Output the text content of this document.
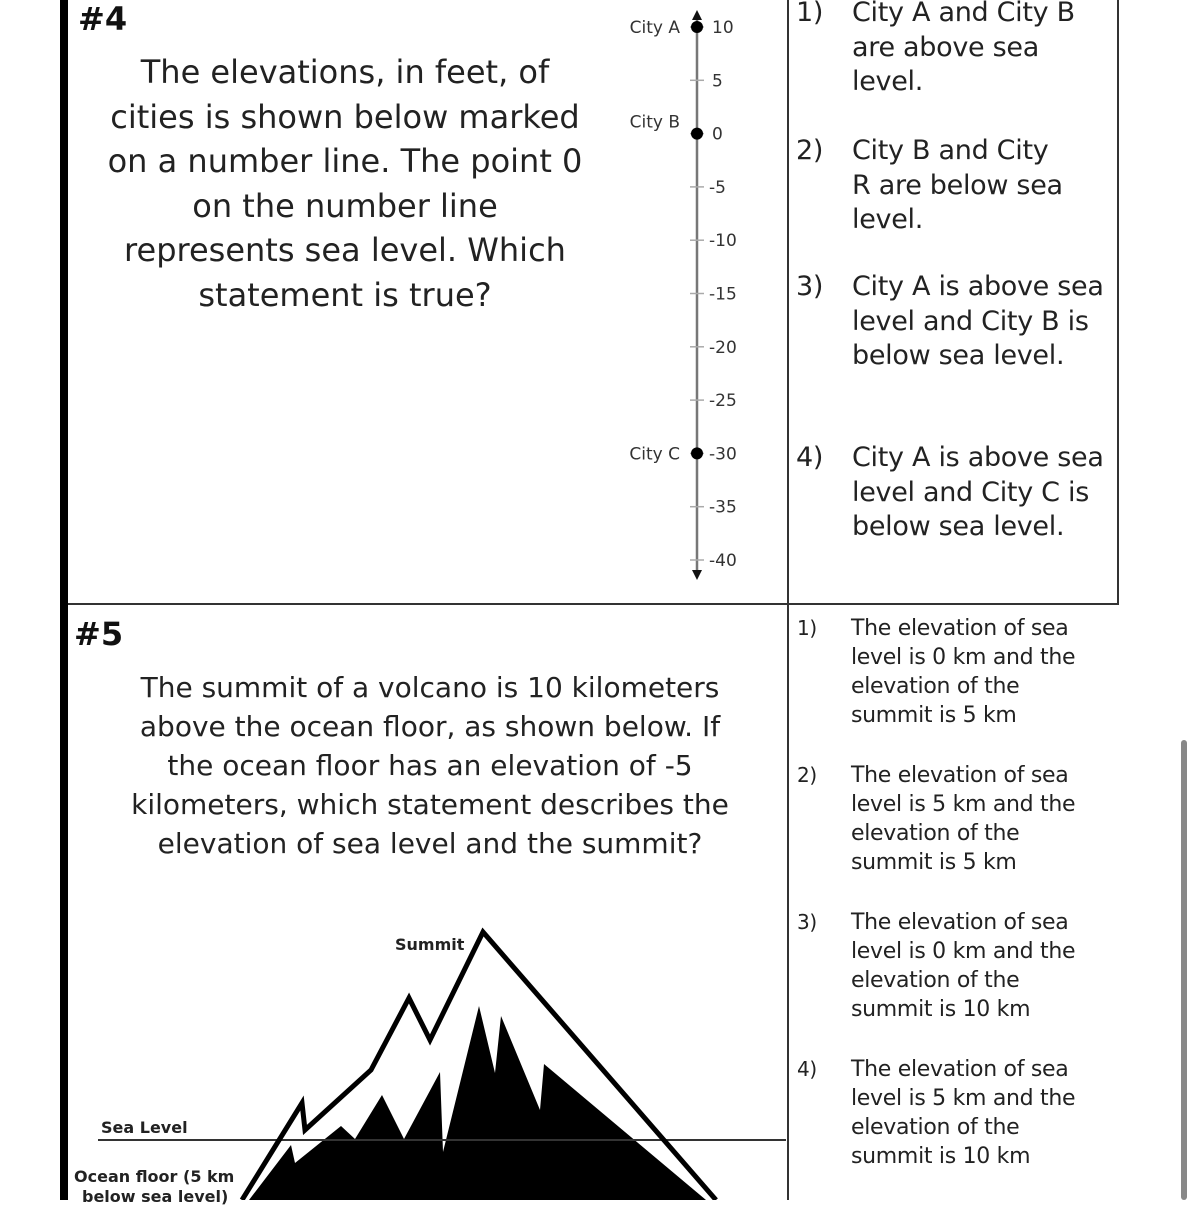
#4
The elevations, in feet, of
cities is shown below marked
on a number line. The point 0
on the number line
represents sea level. Which
statement is true?
10
5
0
-5
-10
-15
-20
-25
-30
-35
-40
City A
City B
City C
1)	City A and City B are above sea level.
2)	City B and City R are below sea level.
3)	City A is above sea level and City B is below sea level.
4)	City A is above sea level and City C is below sea level.
#5
The summit of a volcano is 10 kilometers
above the ocean floor, as shown below. If
the ocean floor has an elevation of -5
kilometers, which statement describes the
elevation of sea level and the summit?
Summit
Sea Level
Ocean floor (5 km
below sea level)
1)	The elevation of sea level is 0 km and the elevation of the summit is 5 km
2)	The elevation of sea level is 5 km and the elevation of the summit is 5 km
3)	The elevation of sea level is 0 km and the elevation of the summit is 10 km
4)	The elevation of sea level is 5 km and the elevation of the summit is 10 km
